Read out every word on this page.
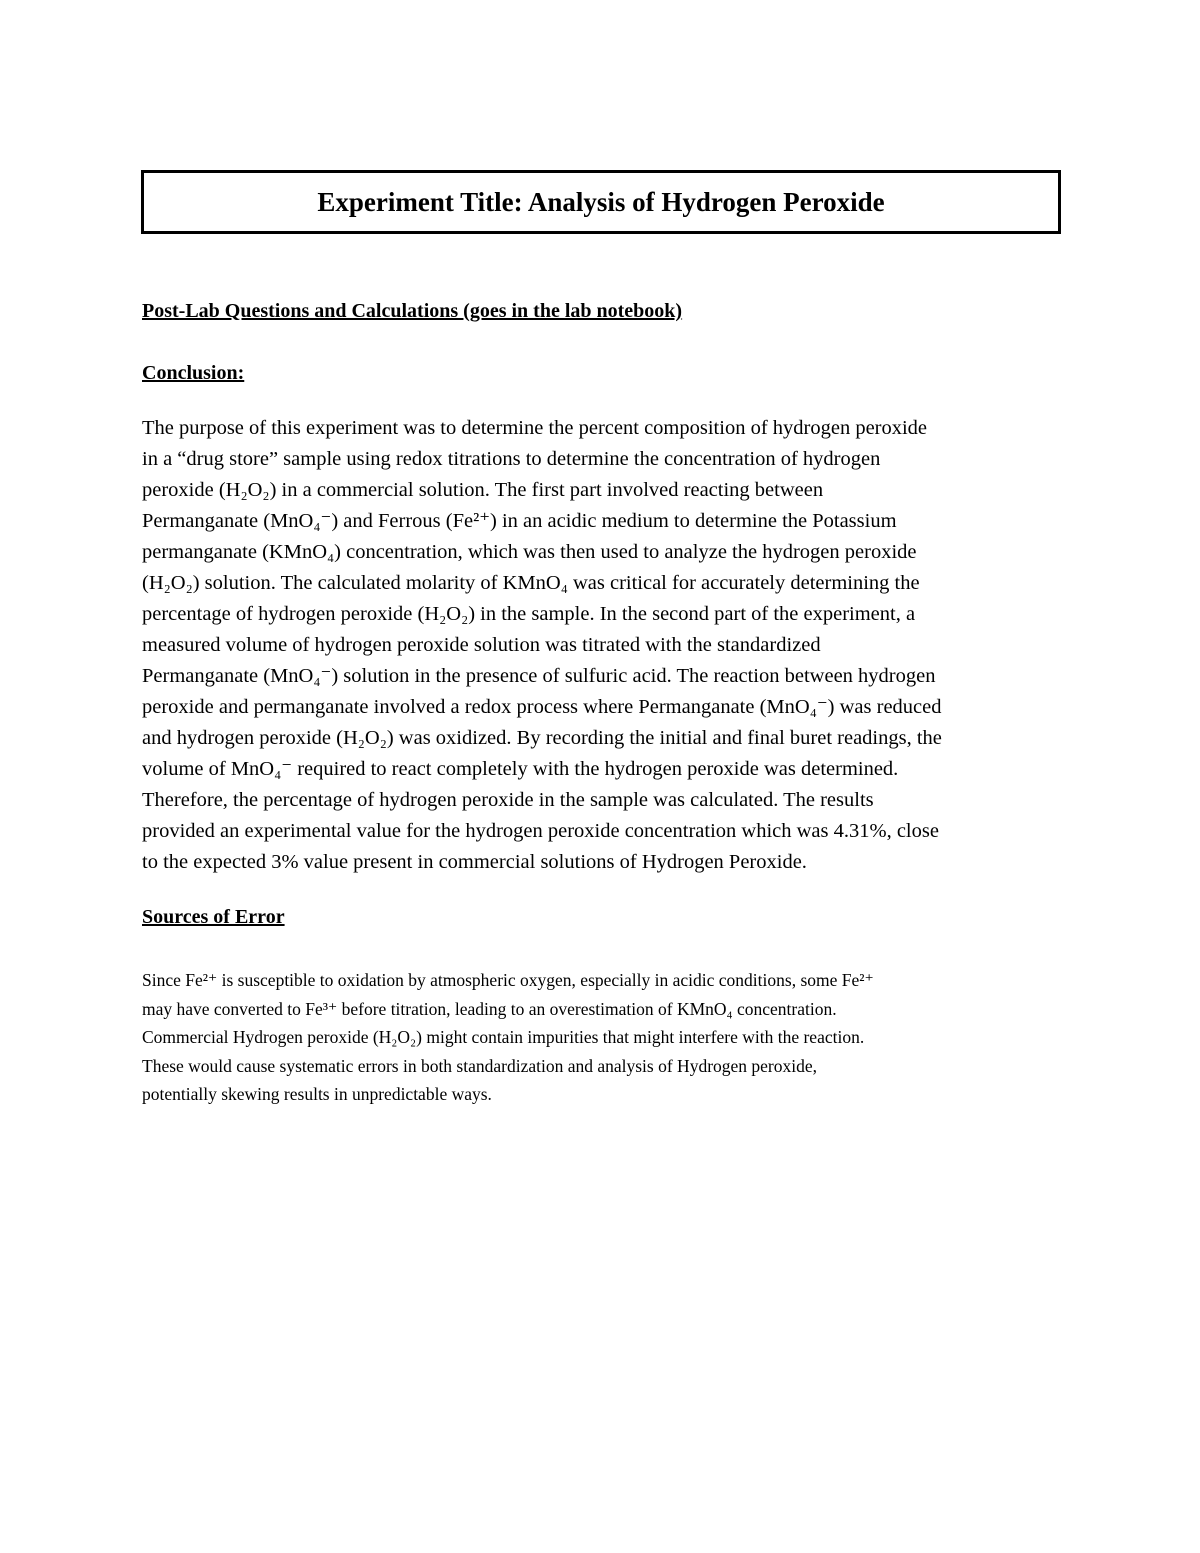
Experiment Title: Analysis of Hydrogen Peroxide
Post-Lab Questions and Calculations (goes in the lab notebook)
Conclusion:
The purpose of this experiment was to determine the percent composition of hydrogen peroxide
in a “drug store” sample using redox titrations to determine the concentration of hydrogen
peroxide (H₂O₂) in a commercial solution. The first part involved reacting between
Permanganate (MnO₄⁻) and Ferrous (Fe²⁺) in an acidic medium to determine the Potassium
permanganate (KMnO₄) concentration, which was then used to analyze the hydrogen peroxide
(H₂O₂) solution. The calculated molarity of KMnO₄ was critical for accurately determining the
percentage of hydrogen peroxide (H₂O₂) in the sample. In the second part of the experiment, a
measured volume of hydrogen peroxide solution was titrated with the standardized
Permanganate (MnO₄⁻) solution in the presence of sulfuric acid. The reaction between hydrogen
peroxide and permanganate involved a redox process where Permanganate (MnO₄⁻) was reduced
and hydrogen peroxide (H₂O₂) was oxidized. By recording the initial and final buret readings, the
volume of MnO₄⁻ required to react completely with the hydrogen peroxide was determined.
Therefore, the percentage of hydrogen peroxide in the sample was calculated. The results
provided an experimental value for the hydrogen peroxide concentration which was 4.31%, close
to the expected 3% value present in commercial solutions of Hydrogen Peroxide.
Sources of Error
Since Fe²⁺ is susceptible to oxidation by atmospheric oxygen, especially in acidic conditions, some Fe²⁺
may have converted to Fe³⁺ before titration, leading to an overestimation of KMnO₄ concentration.
Commercial Hydrogen peroxide (H₂O₂) might contain impurities that might interfere with the reaction.
These would cause systematic errors in both standardization and analysis of Hydrogen peroxide,
potentially skewing results in unpredictable ways.
